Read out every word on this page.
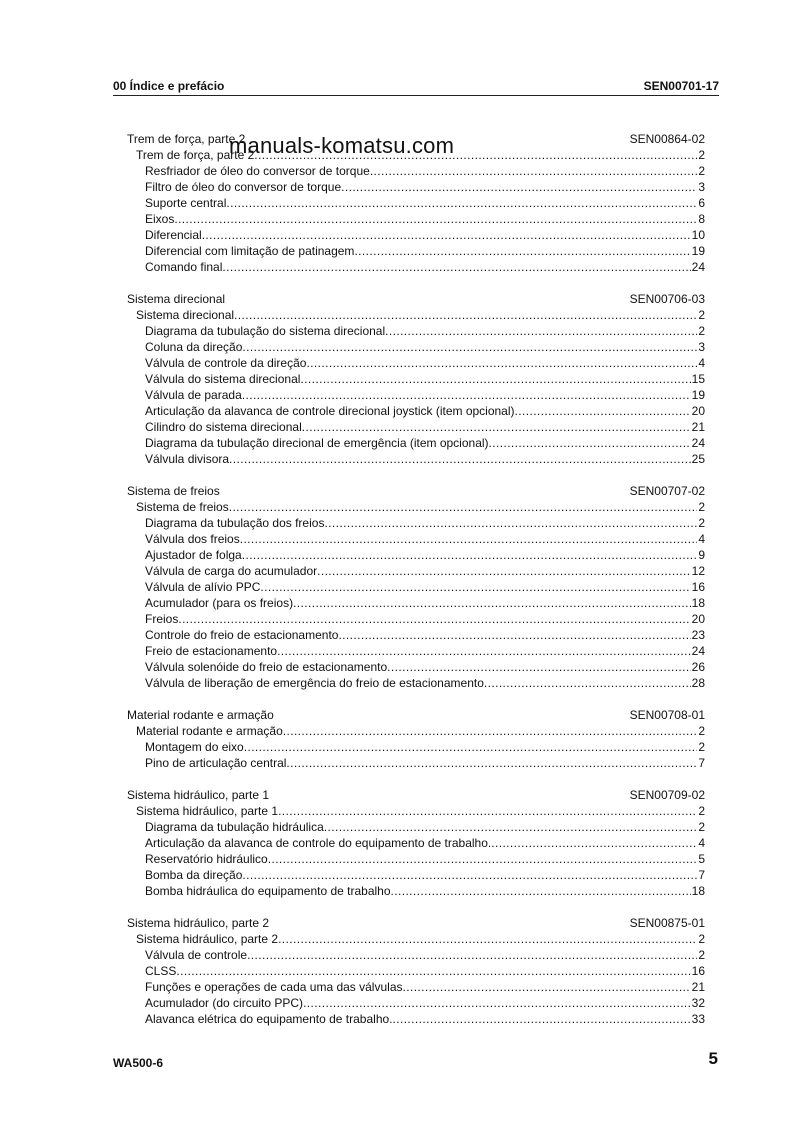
00 Índice e prefácio	SEN00701-17
Trem de força, parte 2	SEN00864-02
Trem de força, parte 2 .....	2
Resfriador de óleo do conversor de torque .....	2
Filtro de óleo do conversor de torque .....	3
Suporte central .....	6
Eixos .....	8
Diferencial .....	10
Diferencial com limitação de patinagem .....	19
Comando final .....	24
Sistema direcional	SEN00706-03
Sistema direcional .....	2
Diagrama da tubulação do sistema direcional .....	2
Coluna da direção .....	3
Válvula de controle da direção .....	4
Válvula do sistema direcional .....	15
Válvula de parada .....	19
Articulação da alavanca de controle direcional joystick (item opcional) .....	20
Cilindro do sistema direcional .....	21
Diagrama da tubulação direcional de emergência (item opcional) .....	24
Válvula divisora .....	25
Sistema de freios	SEN00707-02
Sistema de freios .....	2
Diagrama da tubulação dos freios .....	2
Válvula dos freios .....	4
Ajustador de folga .....	9
Válvula de carga do acumulador .....	12
Válvula de alívio PPC .....	16
Acumulador (para os freios) .....	18
Freios .....	20
Controle do freio de estacionamento .....	23
Freio de estacionamento .....	24
Válvula solenóide do freio de estacionamento .....	26
Válvula de liberação de emergência do freio de estacionamento .....	28
Material rodante e armação	SEN00708-01
Material rodante e armação .....	2
Montagem do eixo .....	2
Pino de articulação central .....	7
Sistema hidráulico, parte 1	SEN00709-02
Sistema hidráulico, parte 1 .....	2
Diagrama da tubulação hidráulica .....	2
Articulação da alavanca de controle do equipamento de trabalho. .....	4
Reservatório hidráulico .....	5
Bomba da direção .....	7
Bomba hidráulica do equipamento de trabalho .....	18
Sistema hidráulico, parte 2	SEN00875-01
Sistema hidráulico, parte 2 .....	2
Válvula de controle .....	2
CLSS .....	16
Funções e operações de cada uma das válvulas .....	21
Acumulador (do circuito PPC) .....	32
Alavanca elétrica do equipamento de trabalho. .....	33
manuals-komatsu.com
WA500-6	5
